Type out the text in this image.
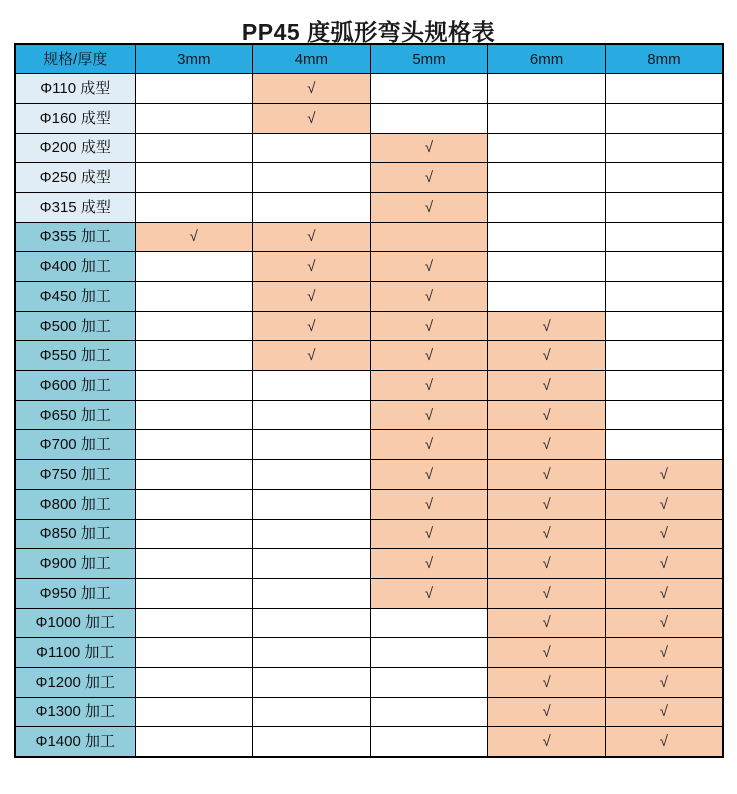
PP45 度弧形弯头规格表
规格/厚度	3mm	4mm	5mm	6mm	8mm
Φ110 成型		√			
Φ160 成型		√			
Φ200 成型			√		
Φ250 成型			√		
Φ315 成型			√		
Φ355 加工	√	√			
Φ400 加工		√	√		
Φ450 加工		√	√		
Φ500 加工		√	√	√	
Φ550 加工		√	√	√	
Φ600 加工			√	√	
Φ650 加工			√	√	
Φ700 加工			√	√	
Φ750 加工			√	√	√
Φ800 加工			√	√	√
Φ850 加工			√	√	√
Φ900 加工			√	√	√
Φ950 加工			√	√	√
Φ1000 加工				√	√
Φ1100 加工				√	√
Φ1200 加工				√	√
Φ1300 加工				√	√
Φ1400 加工				√	√
